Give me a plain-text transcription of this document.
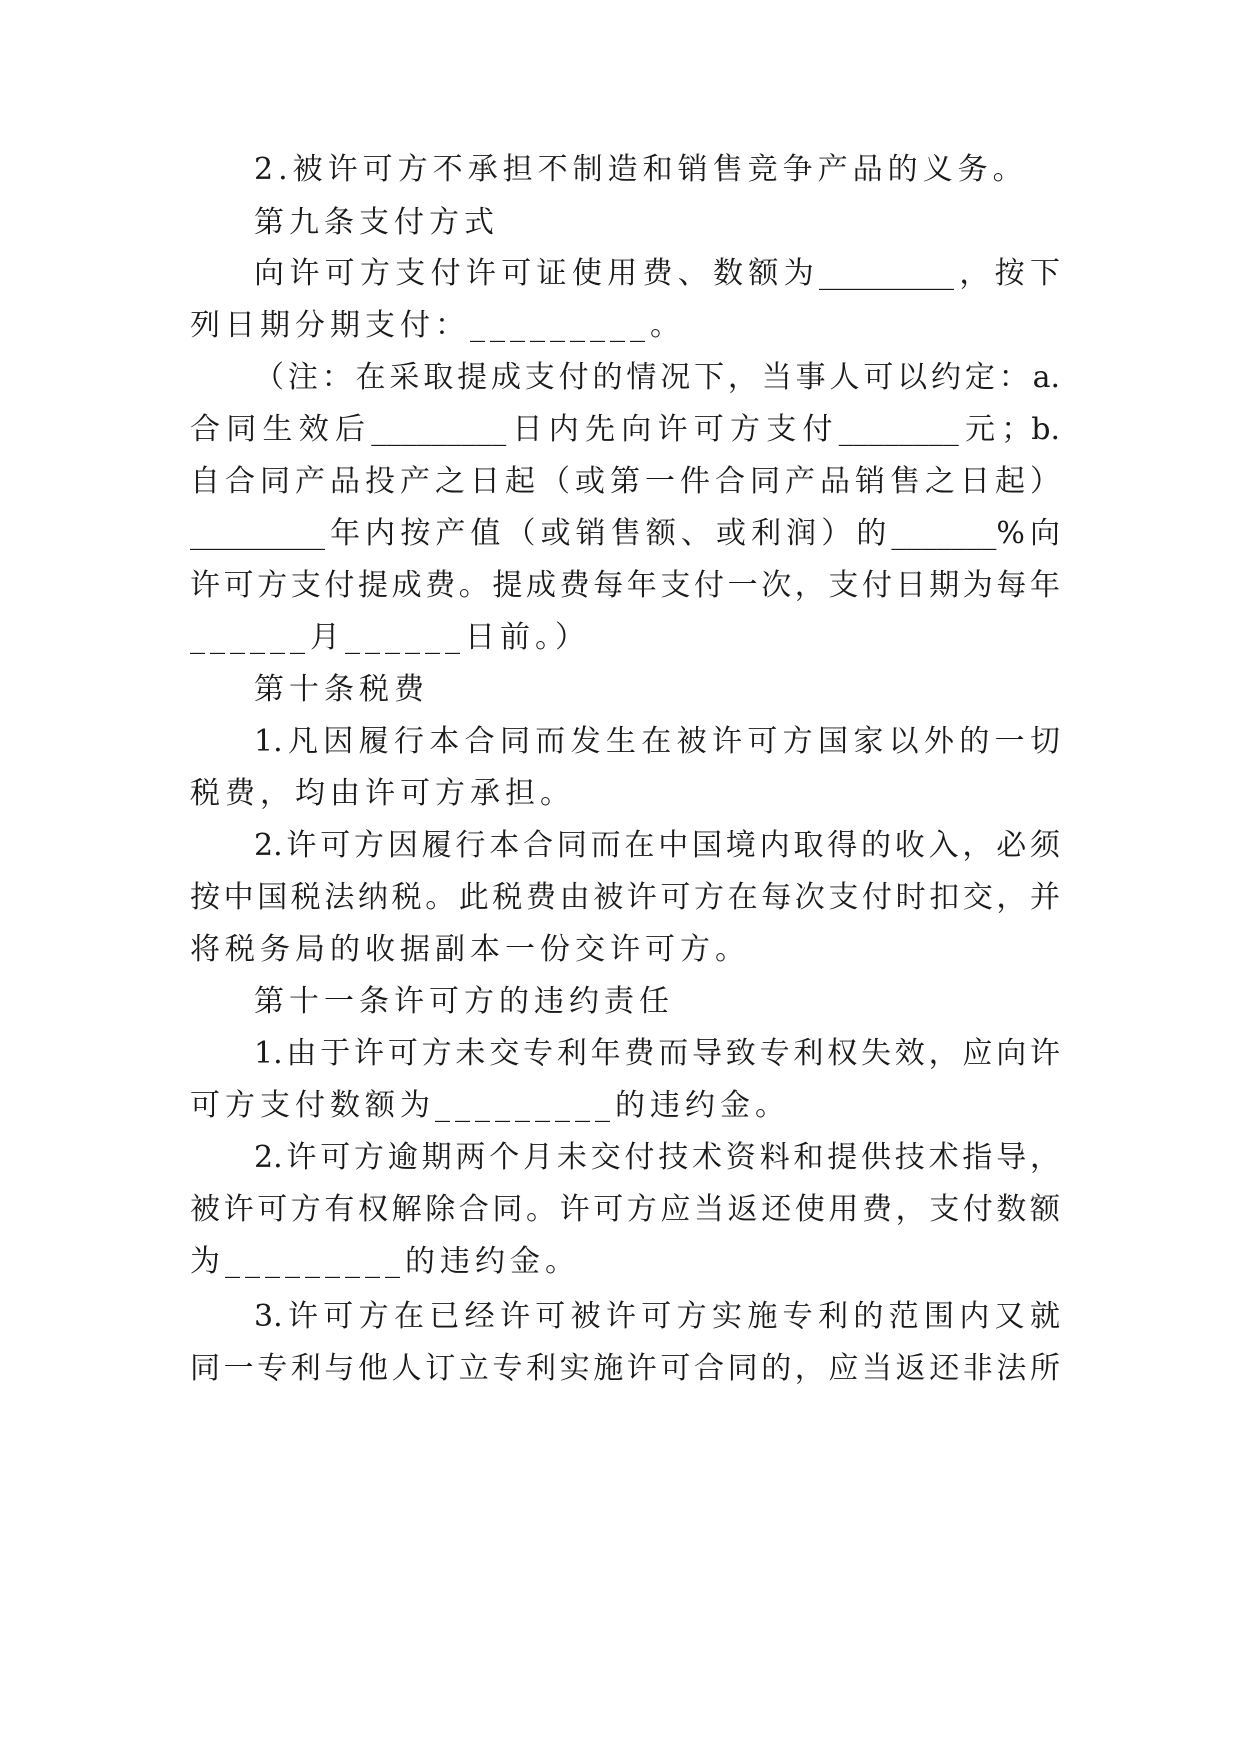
2.被许可方不承担不制造和销售竞争产品的义务。
第九条支付方式
向许可方支付许可证使用费、数额为_________，按下
列日期分期支付：_________。
（注：在采取提成支付的情况下，当事人可以约定：a.
合同生效后_________日内先向许可方支付________元；b.
自合同产品投产之日起（或第一件合同产品销售之日起）
_________年内按产值（或销售额、或利润）的_______%向
许可方支付提成费。提成费每年支付一次，支付日期为每年
______月______日前。）
第十条税费
1.凡因履行本合同而发生在被许可方国家以外的一切
税费，均由许可方承担。
2.许可方因履行本合同而在中国境内取得的收入，必须
按中国税法纳税。此税费由被许可方在每次支付时扣交，并
将税务局的收据副本一份交许可方。
第十一条许可方的违约责任
1.由于许可方未交专利年费而导致专利权失效，应向许
可方支付数额为_________的违约金。
2.许可方逾期两个月未交付技术资料和提供技术指导，
被许可方有权解除合同。许可方应当返还使用费，支付数额
为_________的违约金。
3.许可方在已经许可被许可方实施专利的范围内又就
同一专利与他人订立专利实施许可合同的，应当返还非法所
